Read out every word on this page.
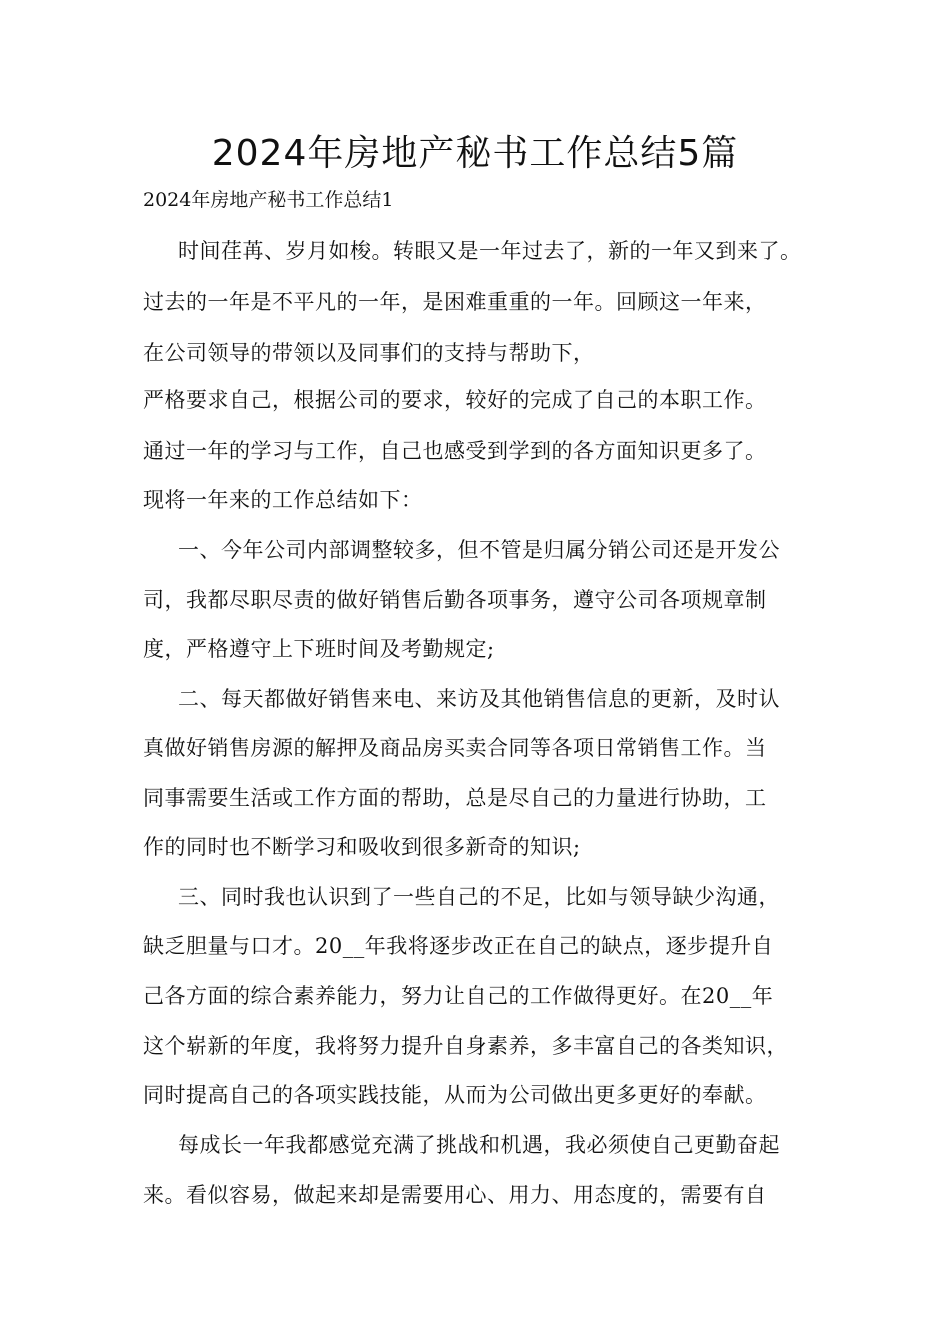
2024年房地产秘书工作总结5篇

2024年房地产秘书工作总结1

时间荏苒、岁月如梭。转眼又是一年过去了，新的一年又到来了。

过去的一年是不平凡的一年，是困难重重的一年。回顾这一年来，

在公司领导的带领以及同事们的支持与帮助下，

严格要求自己，根据公司的要求，较好的完成了自己的本职工作。

通过一年的学习与工作，自己也感受到学到的各方面知识更多了。

现将一年来的工作总结如下：

一、今年公司内部调整较多，但不管是归属分销公司还是开发公

司，我都尽职尽责的做好销售后勤各项事务，遵守公司各项规章制

度，严格遵守上下班时间及考勤规定;

二、每天都做好销售来电、来访及其他销售信息的更新，及时认

真做好销售房源的解押及商品房买卖合同等各项日常销售工作。当

同事需要生活或工作方面的帮助，总是尽自己的力量进行协助，工

作的同时也不断学习和吸收到很多新奇的知识;

三、同时我也认识到了一些自己的不足，比如与领导缺少沟通，

缺乏胆量与口才。20__年我将逐步改正在自己的缺点，逐步提升自

己各方面的综合素养能力，努力让自己的工作做得更好。在20__年

这个崭新的年度，我将努力提升自身素养，多丰富自己的各类知识，

同时提高自己的各项实践技能，从而为公司做出更多更好的奉献。

每成长一年我都感觉充满了挑战和机遇，我必须使自己更勤奋起

来。看似容易，做起来却是需要用心、用力、用态度的，需要有自
